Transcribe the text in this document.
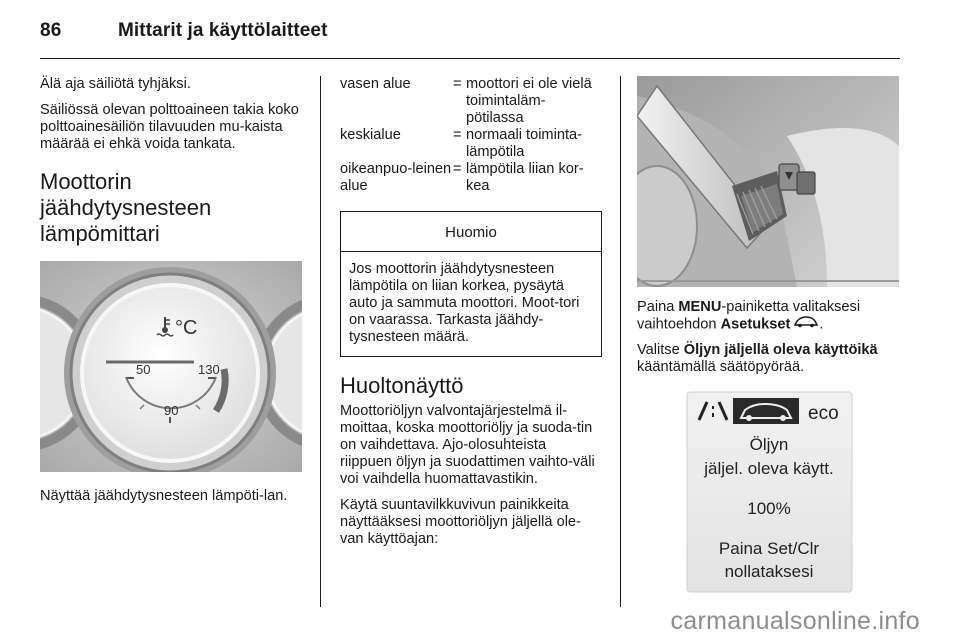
86	Mittarit ja käyttölaitteet

Älä aja säiliötä tyhjäksi.

Säiliössä olevan polttoaineen takia koko polttoainesäiliön tilavuuden mu-kaista määrää ei ehkä voida tankata.

Moottorin jäähdytysnesteen lämpömittari
50	130
90
°C

Näyttää jäähdytysnesteen lämpöti-lan.

vasen alue	=	moottori ei ole vielä toimintaläm-pötilassa
keskialue	=	normaali toiminta-lämpötila
oikeanpuo-leinen alue	=	lämpötila liian kor-kea
Huomio
Jos moottorin jäähdytysnesteen lämpötila on liian korkea, pysäytä auto ja sammuta moottori. Moot-tori on vaarassa. Tarkasta jäähdy-tysnesteen määrä.
Huoltonäyttö

Moottoriöljyn valvontajärjestelmä il-moittaa, koska moottoriöljy ja suoda-tin on vaihdettava. Ajo-olosuhteista riippuen öljyn ja suodattimen vaihto-väli voi vaihdella huomattavastikin.

Käytä suuntavilkkuvivun painikkeita näyttääksesi moottoriöljyn jäljellä ole-van käyttöajan:

Paina MENU-painiketta valitaksesi vaihtoehdon Asetukset .

Valitse Öljyn jäljellä oleva käyttöikä kääntämällä säätöpyörää.

eco
Öljyn
jäljel. oleva käytt.
100%
Paina Set/Clr
nollataksesi
carmanualsonline.info
